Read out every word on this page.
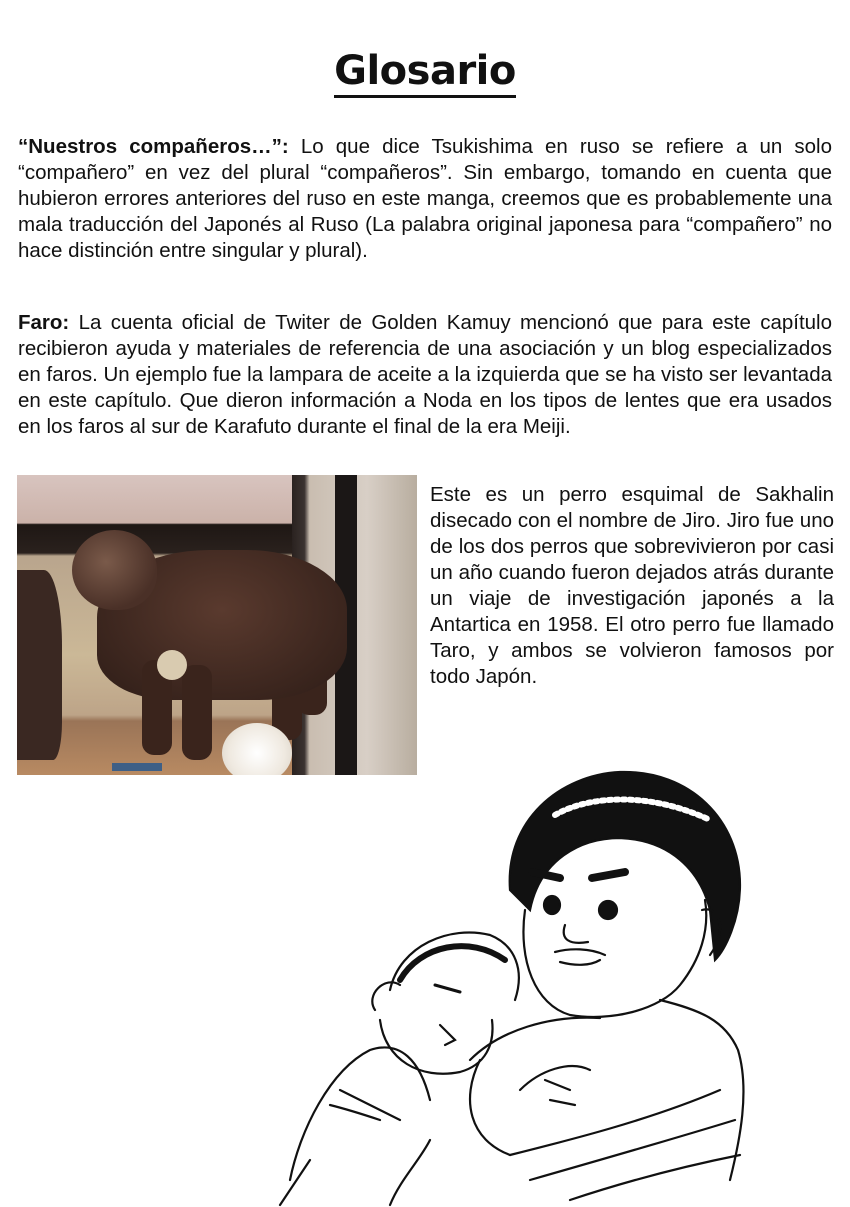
Glosario

“Nuestros compañeros…”: Lo que dice Tsukishima en ruso se refiere a un solo “compañero” en vez del plural “compañeros”. Sin embargo, tomando en cuenta que hubieron errores anteriores del ruso en este manga, creemos que es probablemente una mala traducción del Japonés al Ruso (La palabra original japonesa para “compañero” no hace distinción entre singular y plural).

Faro: La cuenta oficial de Twiter de Golden Kamuy mencionó que para este capítulo recibieron ayuda y materiales de referencia de una asociación y un blog especializados en faros. Un ejemplo fue la lampara de aceite a la izquierda que se ha visto ser levantada en este capítulo. Que dieron información a Noda en los tipos de lentes que era usados en los faros al sur de Karafuto durante el final de la era Meiji.

Este es un perro esquimal de Sakhalin disecado con el nombre de Jiro. Jiro fue uno de los dos perros que sobrevivieron por casi un año cuando fueron dejados atrás durante un viaje de investigación japonés a la Antartica en 1958. El otro perro fue llamado Taro, y ambos se volvieron famosos por todo Japón.
